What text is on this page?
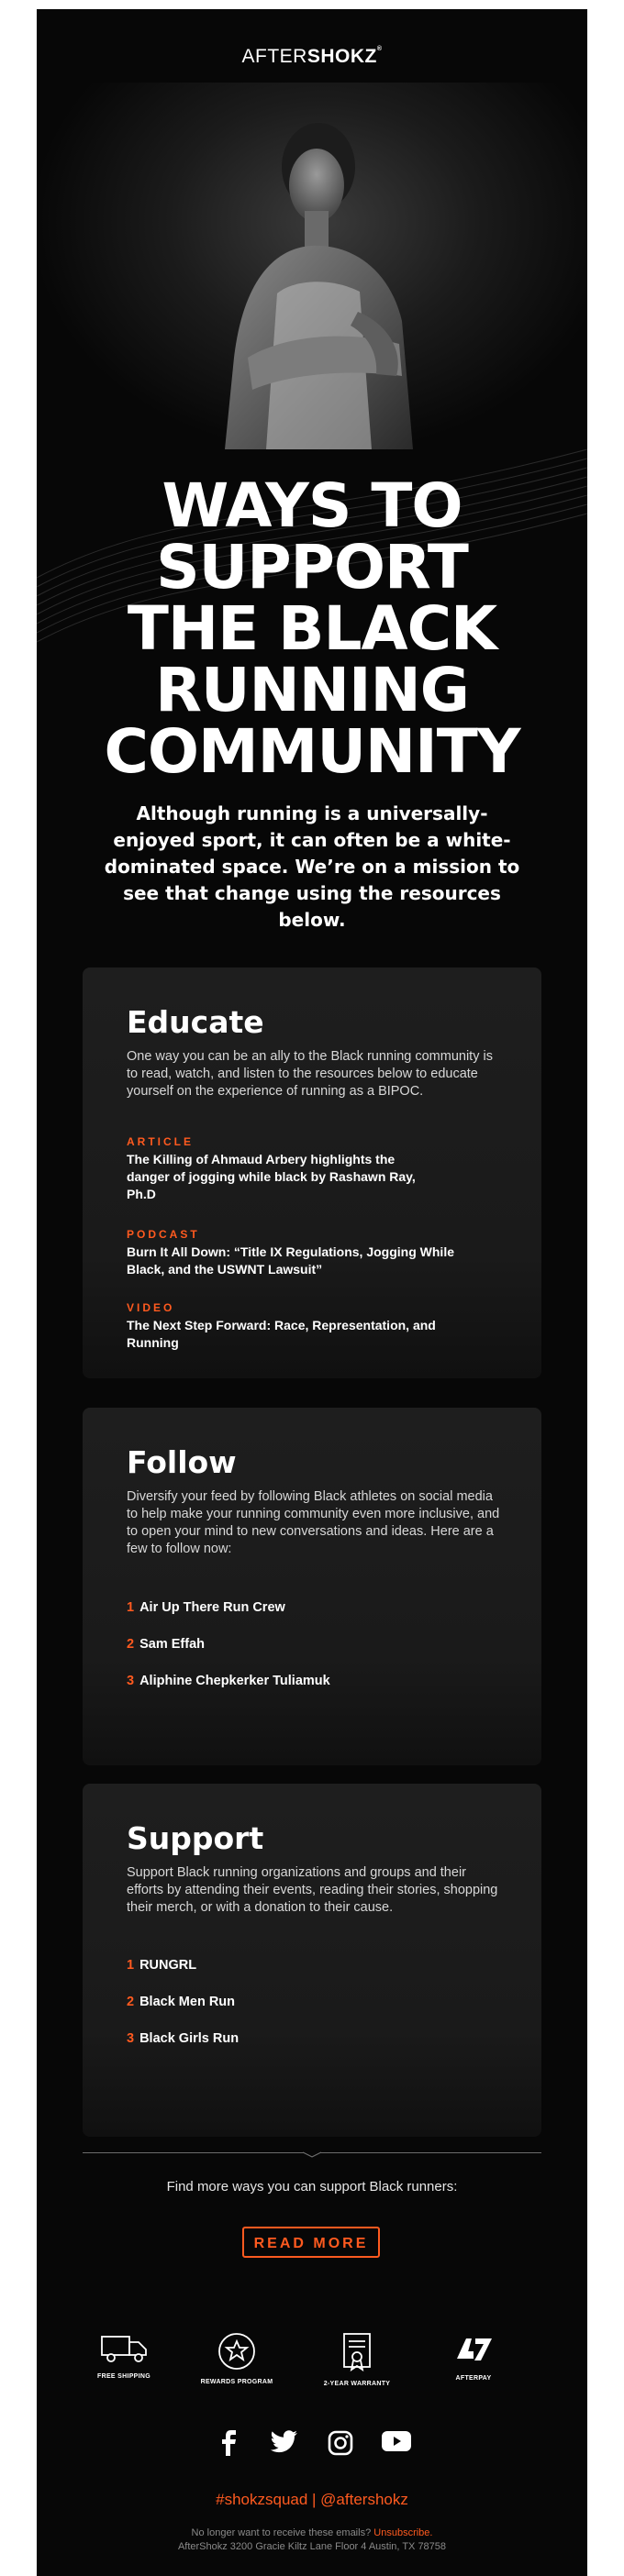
AFTERSHOKZ®
WAYS TO
SUPPORT
THE BLACK
RUNNING
COMMUNITY
Although running is a universally-enjoyed sport, it can often be a white-dominated space. We’re on a mission to see that change using the resources below.
Educate
One way you can be an ally to the Black running community is to read, watch, and listen to the resources below to educate yourself on the experience of running as a BIPOC.
ARTICLE
The Killing of Ahmaud Arbery highlights the danger of jogging while black by Rashawn Ray, Ph.D
PODCAST
Burn It All Down: “Title IX Regulations, Jogging While Black, and the USWNT Lawsuit”
VIDEO
The Next Step Forward: Race, Representation, and Running
Follow
Diversify your feed by following Black athletes on social media to help make your running community even more inclusive, and to open your mind to new conversations and ideas. Here are a few to follow now:
1 Air Up There Run Crew
2 Sam Effah
3 Aliphine Chepkerker Tuliamuk
Support
Support Black running organizations and groups and their efforts by attending their events, reading their stories, shopping their merch, or with a donation to their cause.
1 RUNGRL
2 Black Men Run
3 Black Girls Run
Find more ways you can support Black runners:
READ MORE
FREE SHIPPING
REWARDS PROGRAM	2-YEAR WARRANTY
AFTERPAY
#shokzsquad | @aftershokz
No longer want to receive these emails? Unsubscribe.
AfterShokz 3200 Gracie Kiltz Lane Floor 4 Austin, TX 78758
